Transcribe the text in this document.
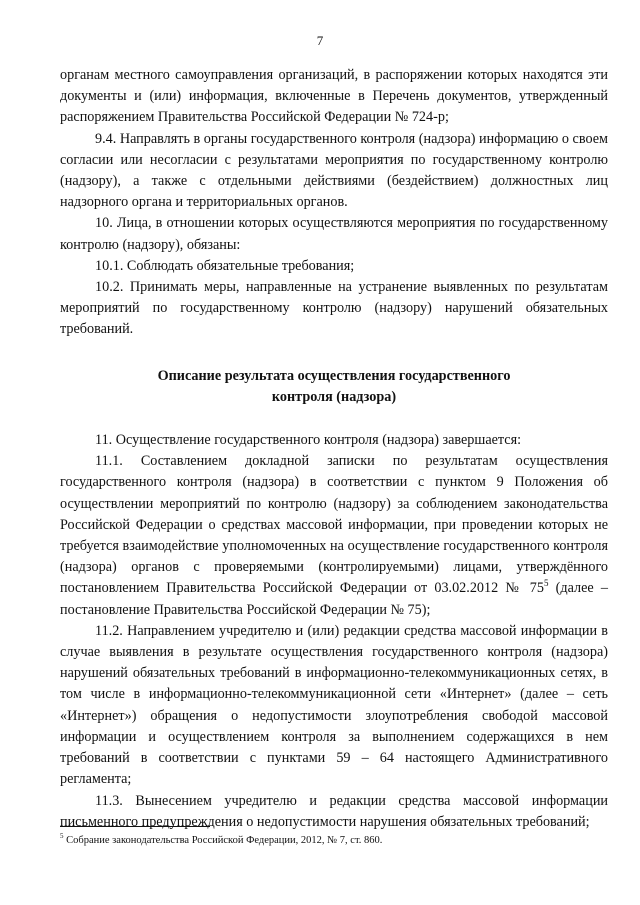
7

органам местного самоуправления организаций, в распоряжении которых находятся эти документы и (или) информация, включенные в Перечень документов, утвержденный распоряжением Правительства Российской Федерации № 724-р;

9.4. Направлять в органы государственного контроля (надзора) информацию о своем согласии или несогласии с результатами мероприятия по государственному контролю (надзору), а также с отдельными действиями (бездействием) должностных лиц надзорного органа и территориальных органов.

10. Лица, в отношении которых осуществляются мероприятия по государственному контролю (надзору), обязаны:

10.1. Соблюдать обязательные требования;

10.2. Принимать меры, направленные на устранение выявленных по результатам мероприятий по государственному контролю (надзору) нарушений обязательных требований.

Описание результата осуществления государственного
контроля (надзора)

11. Осуществление государственного контроля (надзора) завершается:

11.1. Составлением докладной записки по результатам осуществления государственного контроля (надзора) в соответствии с пунктом 9 Положения об осуществлении мероприятий по контролю (надзору) за соблюдением законодательства Российской Федерации о средствах массовой информации, при проведении которых не требуется взаимодействие уполномоченных на осуществление государственного контроля (надзора) органов с проверяемыми (контролируемыми) лицами, утверждённого постановлением Правительства Российской Федерации от 03.02.2012 № $75^5$ (далее – постановление Правительства Российской Федерации № 75);

11.2. Направлением учредителю и (или) редакции средства массовой информации в случае выявления в результате осуществления государственного контроля (надзора) нарушений обязательных требований в информационно-телекоммуникационных сетях, в том числе в информационно-телекоммуникационной сети «Интернет» (далее – сеть «Интернет») обращения о недопустимости злоупотребления свободой массовой информации и осуществлением контроля за выполнением содержащихся в нем требований в соответствии с пунктами 59 – 64 настоящего Административного регламента;

11.3. Вынесением учредителю и редакции средства массовой информации письменного предупреждения о недопустимости нарушения обязательных требований;

$^5$ Собрание законодательства Российской Федерации, 2012, № 7, ст. 860.
